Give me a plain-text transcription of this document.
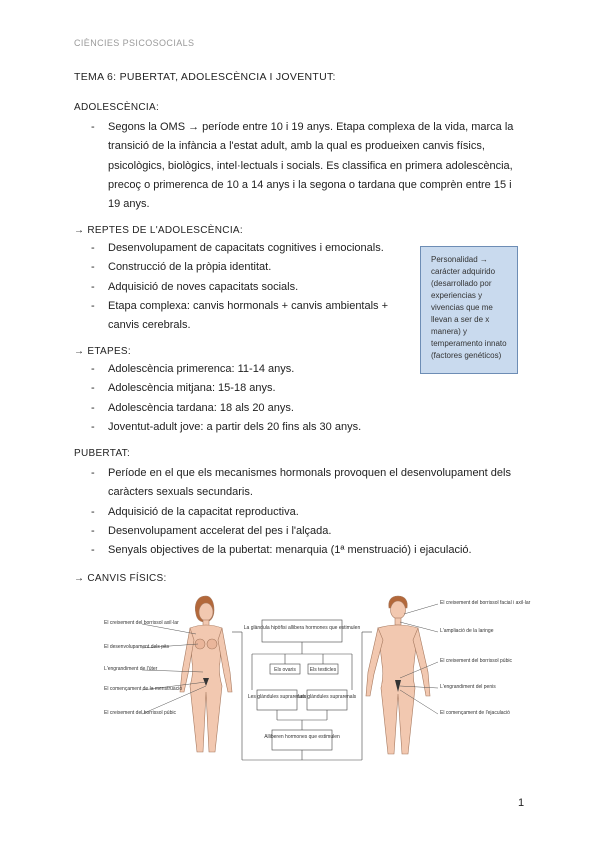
CIÈNCIES PSICOSOCIALS
TEMA 6: PUBERTAT, ADOLESCÈNCIA I JOVENTUT:
ADOLESCÈNCIA:
- Segons la OMS → període entre 10 i 19 anys. Etapa complexa de la vida, marca la transició de la infància a l'estat adult, amb la qual es produeixen canvis físics, psicològics, biològics, intel·lectuals i socials. Es classifica en primera adolescència, precoç o primerenca de 10 a 14 anys i la segona o tardana que comprèn entre 15 i 19 anys.
→ REPTES DE L'ADOLESCÈNCIA:
- Desenvolupament de capacitats cognitives i emocionals.
- Construcció de la pròpia identitat.
- Adquisició de noves capacitats socials.
- Etapa complexa: canvis hormonals + canvis ambientals + canvis cerebrals.
Personalidad → carácter adquirido (desarrollado por experiencias y vivencias que me llevan a ser de x manera) y temperamento innato (factores genéticos)
→ ETAPES:
- Adolescència primerenca: 11-14 anys.
- Adolescència mitjana: 15-18 anys.
- Adolescència tardana: 18 als 20 anys.
- Joventut-adult jove: a partir dels 20 fins als 30 anys.
PUBERTAT:
- Període en el que els mecanismes hormonals provoquen el desenvolupament dels caràcters sexuals secundaris.
- Adquisició de la capacitat reproductiva.
- Desenvolupament accelerat del pes i l'alçada.
- Senyals objectives de la pubertat: menarquia (1ª menstruació) i ejaculació.
→ CANVIS FÍSICS:
La glàndula hipòfisi allibera hormones que estimulen
Els ovaris	Els testicles
Les glàndules suprarenals
Les glàndules suprarenals
Alliberen hormones que estimulen
El creixement del borrissol axil·lar
El desenvolupament dels pits
L'engrandiment de l'úter
El començament de la menstruació
El creixement del borrissol púbic
El creixement del borrissol facial i axil·lar
L'ampliació de la laringe
El creixement del borrissol púbic
L'engrandiment del penis
El començament de l'ejaculació
1
